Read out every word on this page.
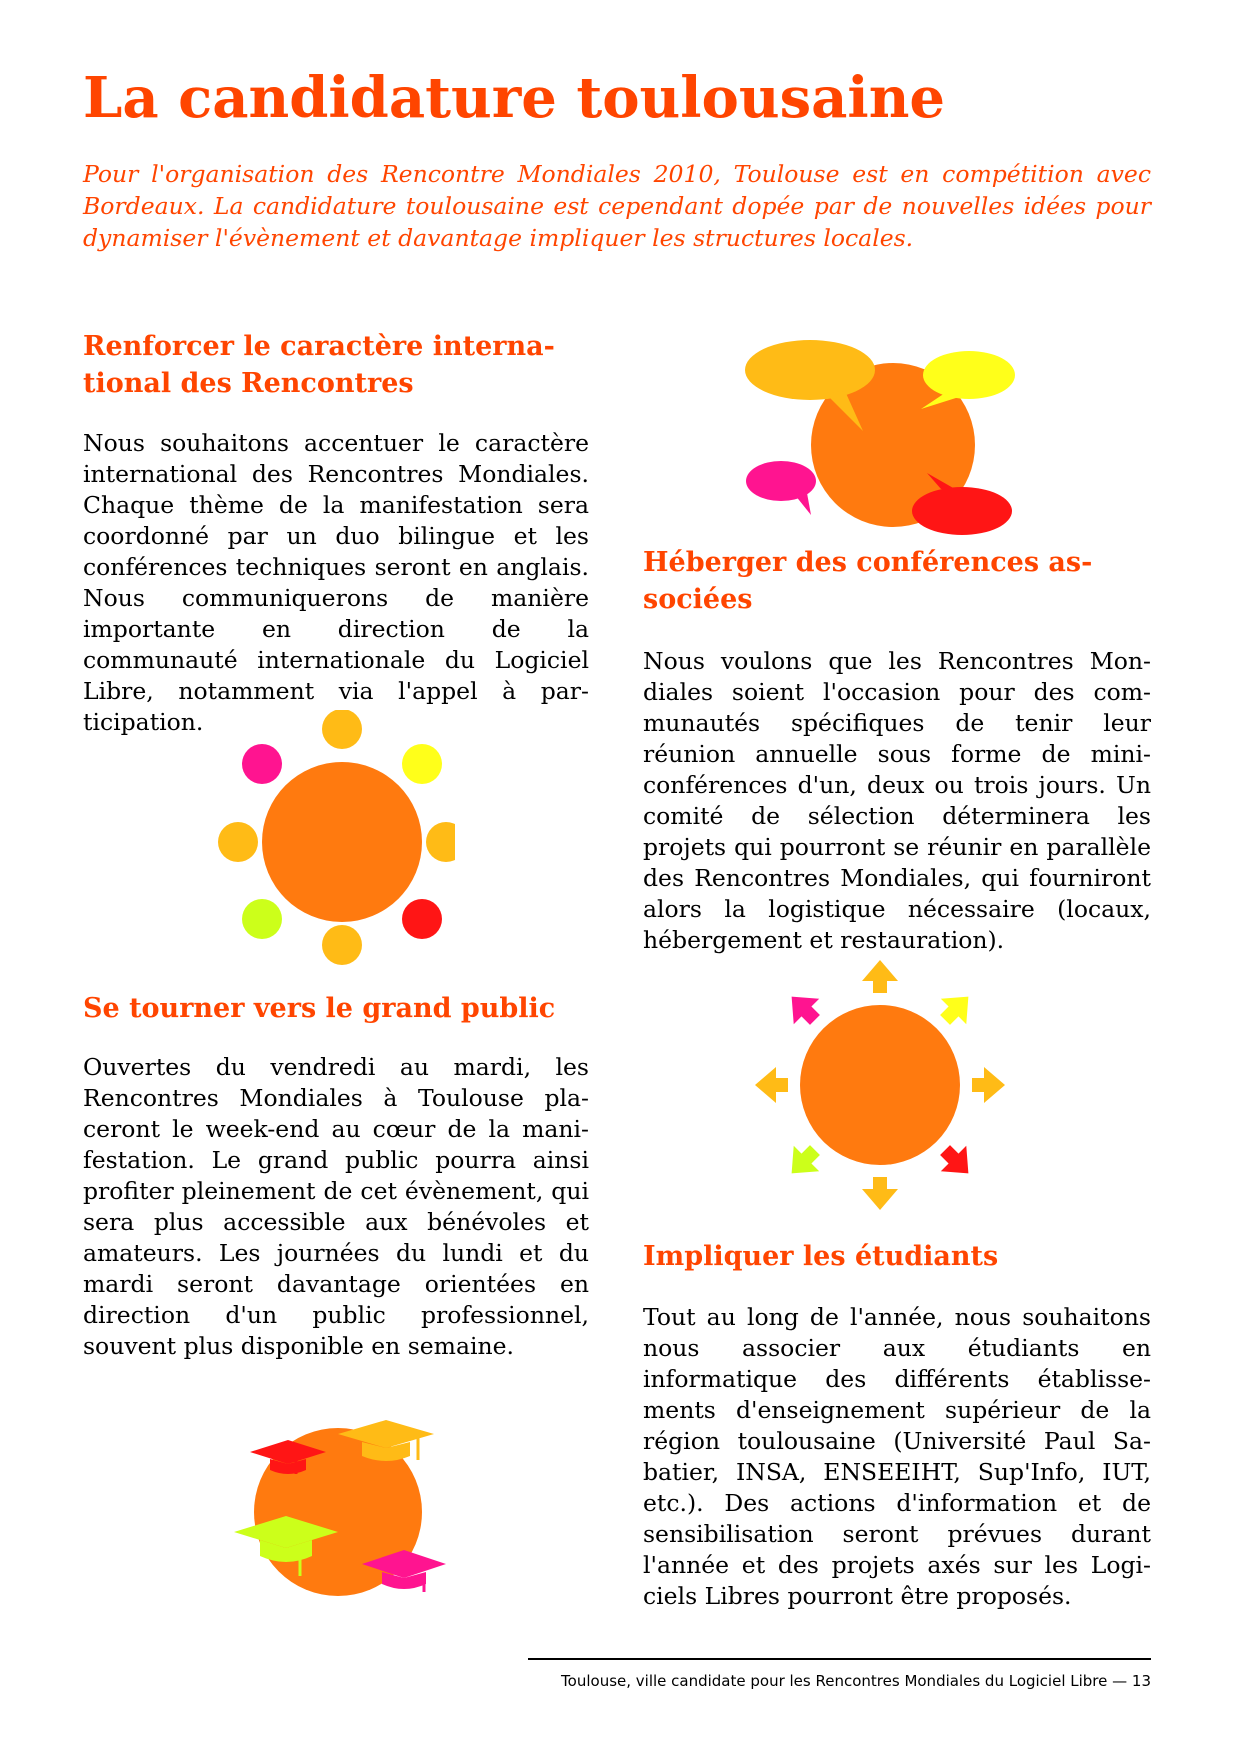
La candidature toulousaine

Pour l'organisation des Rencontre Mondiales 2010, Toulouse est en compétition avec Bordeaux. La candidature toulousaine est cependant dopée par de nouvelles idées pour dynamiser l'évènement et davantage impliquer les structures locales.

Renforcer le caractère international des Rencontres

Nous souhaitons accentuer le caractère international des Rencontres Mondiales. Chaque thème de la manifestation sera coordonné par un duo bilingue et les conférences techniques seront en anglais. Nous communiquerons de manière importante en direction de la communauté internationale du Logiciel Libre, notamment via l'appel à participation.

Se tourner vers le grand public

Ouvertes du vendredi au mardi, les Rencontres Mondiales à Toulouse placeront le week-end au cœur de la manifestation. Le grand public pourra ainsi profiter pleinement de cet évènement, qui sera plus accessible aux bénévoles et amateurs. Les journées du lundi et du mardi seront davantage orientées en direction d'un public professionnel, souvent plus disponible en semaine.

Héberger des conférences associées

Nous voulons que les Rencontres Mondiales soient l'occasion pour des communautés spécifiques de tenir leur réunion annuelle sous forme de mini-conférences d'un, deux ou trois jours. Un comité de sélection déterminera les projets qui pourront se réunir en parallèle des Rencontres Mondiales, qui fourniront alors la logistique nécessaire (locaux, hébergement et restauration).

Impliquer les étudiants

Tout au long de l'année, nous souhaitons nous associer aux étudiants en informatique des différents établissements d'enseignement supérieur de la région toulousaine (Université Paul Sabatier, INSA, ENSEEIHT, Sup'Info, IUT, etc.). Des actions d'information et de sensibilisation seront prévues durant l'année et des projets axés sur les Logiciels Libres pourront être proposés.

Toulouse, ville candidate pour les Rencontres Mondiales du Logiciel Libre — 13
